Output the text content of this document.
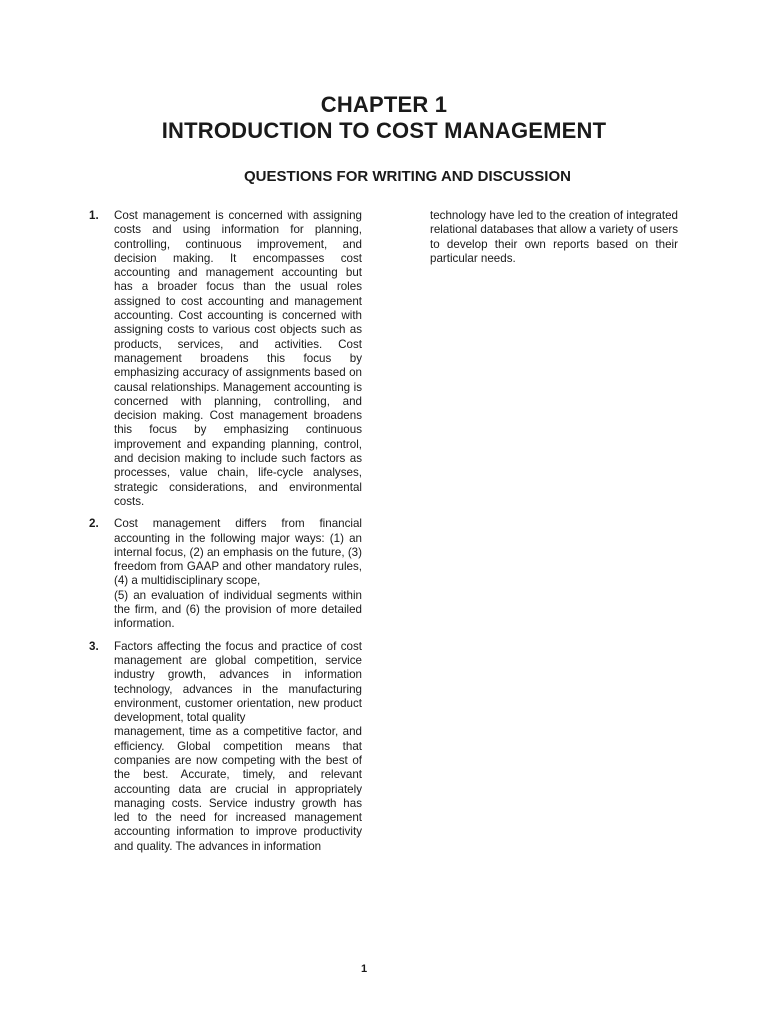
CHAPTER 1
INTRODUCTION TO COST MANAGEMENT
QUESTIONS FOR WRITING AND DISCUSSION
1. Cost management is concerned with assigning costs and using information for planning, controlling, continuous improvement, and decision making. It encompasses cost accounting and management accounting but has a broader focus than the usual roles assigned to cost accounting and management accounting. Cost accounting is concerned with assigning costs to various cost objects such as products, services, and activities. Cost management broadens this focus by emphasizing accuracy of assignments based on causal relationships. Management accounting is concerned with planning, controlling, and decision making. Cost management broadens this focus by emphasizing continuous improvement and expanding planning, control, and decision making to include such factors as processes, value chain, life-cycle analyses, strategic considerations, and environmental costs.
2. Cost management differs from financial accounting in the following major ways: (1) an internal focus, (2) an emphasis on the future, (3) freedom from GAAP and other mandatory rules, (4) a multidisciplinary scope,
(5) an evaluation of individual segments within the firm, and (6) the provision of more detailed information.
3. Factors affecting the focus and practice of cost management are global competition, service industry growth, advances in information technology, advances in the manufacturing environment, customer orientation, new product development, total quality
management, time as a competitive factor, and efficiency. Global competition means that companies are now competing with the best of the best. Accurate, timely, and relevant accounting data are crucial in appropriately managing costs. Service industry growth has led to the need for increased management accounting information to improve productivity and quality. The advances in information
technology have led to the creation of integrated relational databases that allow a variety of users to develop their own reports based on their particular needs.
1
